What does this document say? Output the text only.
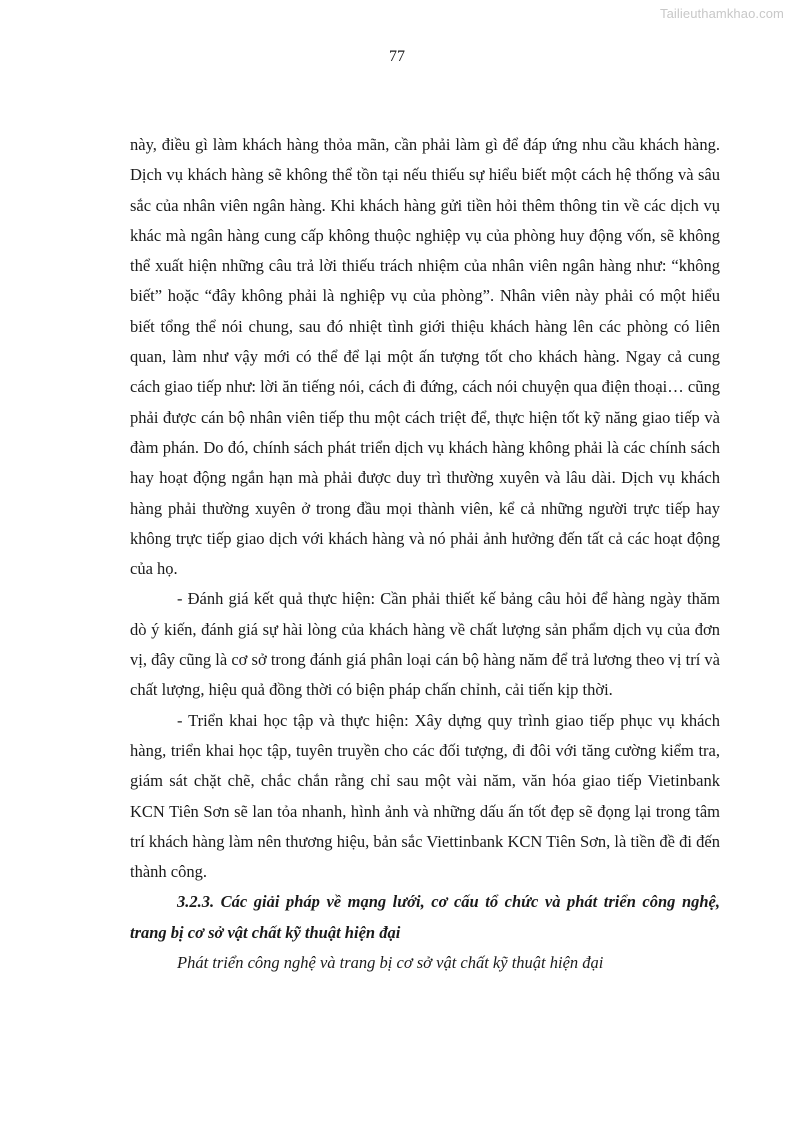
Tailieuthamkhao.com
77

này, điều gì làm khách hàng thỏa mãn, cần phải làm gì để đáp ứng nhu cầu khách hàng. Dịch vụ khách hàng sẽ không thể tồn tại nếu thiếu sự hiểu biết một cách hệ thống và sâu sắc của nhân viên ngân hàng. Khi khách hàng gửi tiền hỏi thêm thông tin về các dịch vụ khác mà ngân hàng cung cấp không thuộc nghiệp vụ của phòng huy động vốn, sẽ không thể xuất hiện những câu trả lời thiếu trách nhiệm của nhân viên ngân hàng như: “không biết” hoặc “đây không phải là nghiệp vụ của phòng”. Nhân viên này phải có một hiểu biết tổng thể nói chung, sau đó nhiệt tình giới thiệu khách hàng lên các phòng có liên quan, làm như vậy mới có thể để lại một ấn tượng tốt cho khách hàng. Ngay cả cung cách giao tiếp như: lời ăn tiếng nói, cách đi đứng, cách nói chuyện qua điện thoại… cũng phải được cán bộ nhân viên tiếp thu một cách triệt để, thực hiện tốt kỹ năng giao tiếp và đàm phán. Do đó, chính sách phát triển dịch vụ khách hàng không phải là các chính sách hay hoạt động ngắn hạn mà phải được duy trì thường xuyên và lâu dài. Dịch vụ khách hàng phải thường xuyên ở trong đầu mọi thành viên, kể cả những người trực tiếp hay không trực tiếp giao dịch với khách hàng và nó phải ảnh hưởng đến tất cả các hoạt động của họ.

- Đánh giá kết quả thực hiện: Cần phải thiết kế bảng câu hỏi để hàng ngày thăm dò ý kiến, đánh giá sự hài lòng của khách hàng về chất lượng sản phẩm dịch vụ của đơn vị, đây cũng là cơ sở trong đánh giá phân loại cán bộ hàng năm để trả lương theo vị trí và chất lượng, hiệu quả đồng thời có biện pháp chấn chỉnh, cải tiến kịp thời.

- Triển khai học tập và thực hiện: Xây dựng quy trình giao tiếp phục vụ khách hàng, triển khai học tập, tuyên truyền cho các đối tượng, đi đôi với tăng cường kiểm tra, giám sát chặt chẽ, chắc chắn rằng chỉ sau một vài năm, văn hóa giao tiếp Vietinbank KCN Tiên Sơn sẽ lan tỏa nhanh, hình ảnh và những dấu ấn tốt đẹp sẽ đọng lại trong tâm trí khách hàng làm nên thương hiệu, bản sắc Viettinbank KCN Tiên Sơn, là tiền đề đi đến thành công.

3.2.3. Các giải pháp về mạng lưới, cơ cấu tổ chức và phát triển công nghệ, trang bị cơ sở vật chất kỹ thuật hiện đại

Phát triển công nghệ và trang bị cơ sở vật chất kỹ thuật hiện đại
